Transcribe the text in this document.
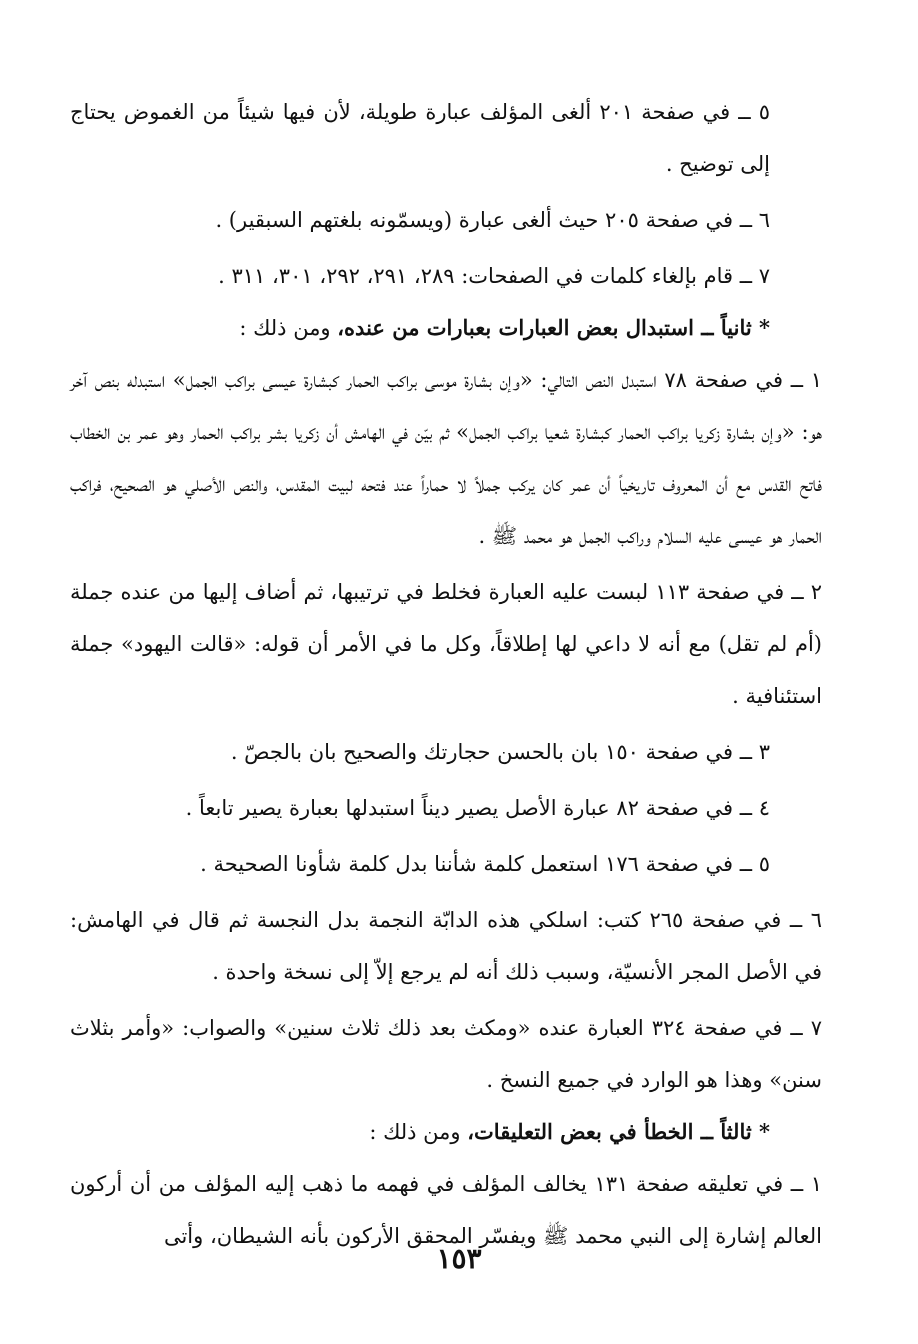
٥ ــ في صفحة ٢٠١ ألغى المؤلف عبارة طويلة، لأن فيها شيئاً من الغموض يحتاج إلى توضيح .

٦ ــ في صفحة ٢٠٥ حيث ألغى عبارة (ويسمّونه بلغتهم السبقير) .

٧ ــ قام بإلغاء كلمات في الصفحات: ٢٨٩، ٢٩١، ٢٩٢، ٣٠١، ٣١١ .

* ثانياً ــ استبدال بعض العبارات بعبارات من عنده، ومن ذلك :

١ ــ في صفحة ٧٨ استبدل النص التالي: «وإن بشارة موسى براكب الحمار كبشارة عيسى براكب الجمل» استبدله بنص آخر هو: «وإن بشارة زكريا براكب الحمار كبشارة شعيا براكب الجمل» ثم بيّن في الهامش أن زكريا بشر براكب الحمار وهو عمر بن الخطاب فاتح القدس مع أن المعروف تاريخياً أن عمر كان يركب جملاً لا حماراً عند فتحه لبيت المقدس، والنص الأصلي هو الصحيح، فراكب الحمار هو عيسى عليه السلام وراكب الجمل هو محمد ﷺ .

٢ ــ في صفحة ١١٣ لبست عليه العبارة فخلط في ترتيبها، ثم أضاف إليها من عنده جملة (أم لم تقل) مع أنه لا داعي لها إطلاقاً، وكل ما في الأمر أن قوله: «قالت اليهود» جملة استئنافية .

٣ ــ في صفحة ١٥٠ بان بالحسن حجارتك والصحيح بان بالجصّ .

٤ ــ في صفحة ٨٢ عبارة الأصل يصير ديناً استبدلها بعبارة يصير تابعاً .

٥ ــ في صفحة ١٧٦ استعمل كلمة شأننا بدل كلمة شأونا الصحيحة .

٦ ــ في صفحة ٢٦٥ كتب: اسلكي هذه الدابّة النجمة بدل النجسة ثم قال في الهامش: في الأصل المجر الأنسيّة، وسبب ذلك أنه لم يرجع إلاّ إلى نسخة واحدة .

٧ ــ في صفحة ٣٢٤ العبارة عنده «ومكث بعد ذلك ثلاث سنين» والصواب: «وأمر بثلاث سنن» وهذا هو الوارد في جميع النسخ .

* ثالثاً ــ الخطأ في بعض التعليقات، ومن ذلك :

١ ــ في تعليقه صفحة ١٣١ يخالف المؤلف في فهمه ما ذهب إليه المؤلف من أن أركون العالم إشارة إلى النبي محمد ﷺ ويفسّر المحقق الأركون بأنه الشيطان، وأتى

١٥٣
